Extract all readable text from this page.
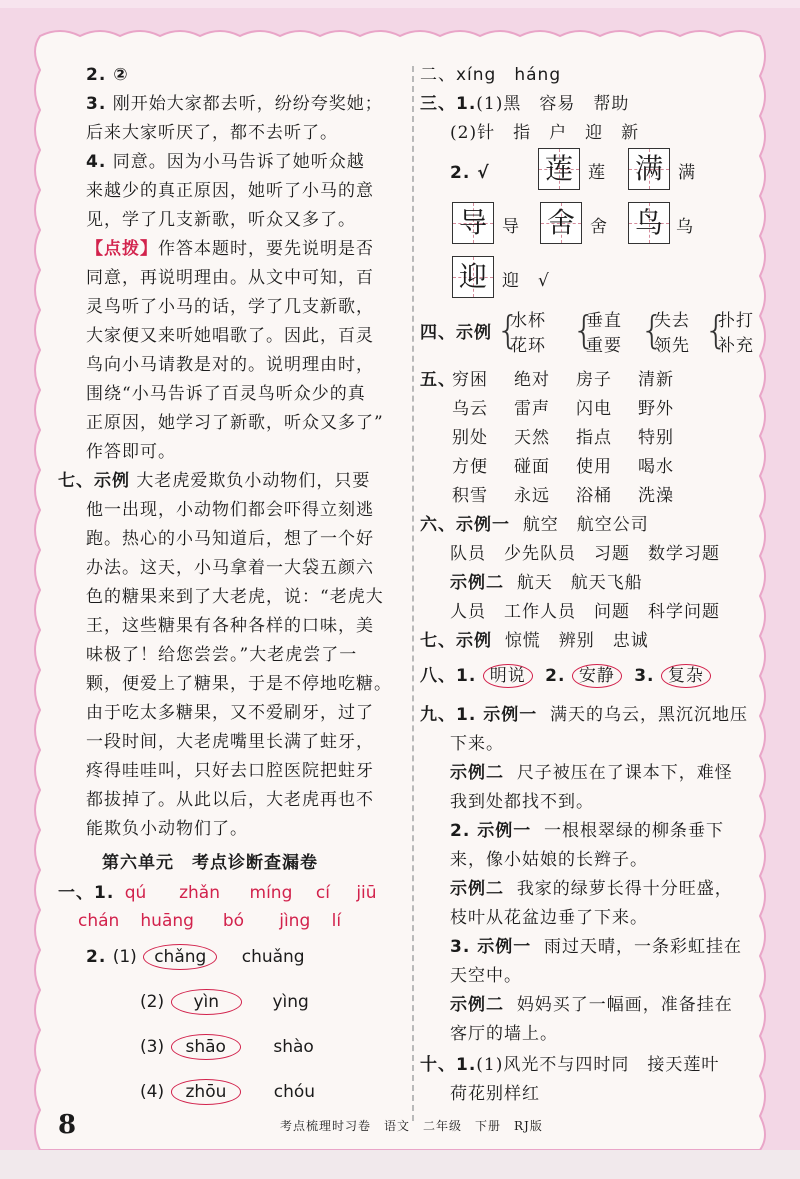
2. ②
3. 刚开始大家都去听，纷纷夸奖她；
后来大家听厌了，都不去听了。
4. 同意。因为小马告诉了她听众越
来越少的真正原因，她听了小马的意
见，学了几支新歌，听众又多了。
【点拨】作答本题时，要先说明是否
同意，再说明理由。从文中可知，百
灵鸟听了小马的话，学了几支新歌，
大家便又来听她唱歌了。因此，百灵
鸟向小马请教是对的。说明理由时，
围绕“小马告诉了百灵鸟听众少的真
正原因，她学习了新歌，听众又多了”
作答即可。
七、示例 大老虎爱欺负小动物们，只要
他一出现，小动物们都会吓得立刻逃
跑。热心的小马知道后，想了一个好
办法。这天，小马拿着一大袋五颜六
色的糖果来到了大老虎，说：“老虎大
王，这些糖果有各种各样的口味，美
味极了！给您尝尝。”大老虎尝了一
颗，便爱上了糖果，于是不停地吃糖。
由于吃太多糖果，又不爱刷牙，过了
一段时间，大老虎嘴里长满了蛀牙，
疼得哇哇叫，只好去口腔医院把蛀牙
都拔掉了。从此以后，大老虎再也不
能欺负小动物们了。
第六单元　考点诊断查漏卷
一、1. qú zhǎn míng cí jiū
chán huāng bó jìng lí
2. (1) chǎng chuǎng
(2) yìn	yìng
(3) shāo	shào
(4) zhōu	chóu
二、xíng　háng
三、1.(1)黑　容易　帮助
(2)针　指　户　迎　新
2. √ 莲 莲 满 满
导 导 舍 舍 鸟 乌
迎 迎 √
四、示例 {
水杯
花环 {
垂直
重要 {
失去
领先 {
扑打
补充
五、
穷困 绝对 房子 清新
乌云 雷声 闪电 野外
别处 天然 指点 特别
方便 碰面 使用 喝水
积雪 永远 浴桶 洗澡
六、示例一 航空　航空公司
队员　少先队员　习题　数学习题
示例二 航天　航天飞船
人员　工作人员　问题　科学问题
七、示例 惊慌　辨别　忠诚
八、1. 明说 2. 安静 3. 复杂
九、1. 示例一 满天的乌云，黑沉沉地压
下来。
示例二 尺子被压在了课本下，难怪
我到处都找不到。
2. 示例一 一根根翠绿的柳条垂下
来，像小姑娘的长辫子。
示例二 我家的绿萝长得十分旺盛，
枝叶从花盆边垂了下来。
3. 示例一 雨过天晴，一条彩虹挂在
天空中。
示例二 妈妈买了一幅画，准备挂在
客厅的墙上。
十、1.(1)风光不与四时同　接天莲叶
荷花别样红
8	考点梳理时习卷　语文　二年级　下册　RJ版
